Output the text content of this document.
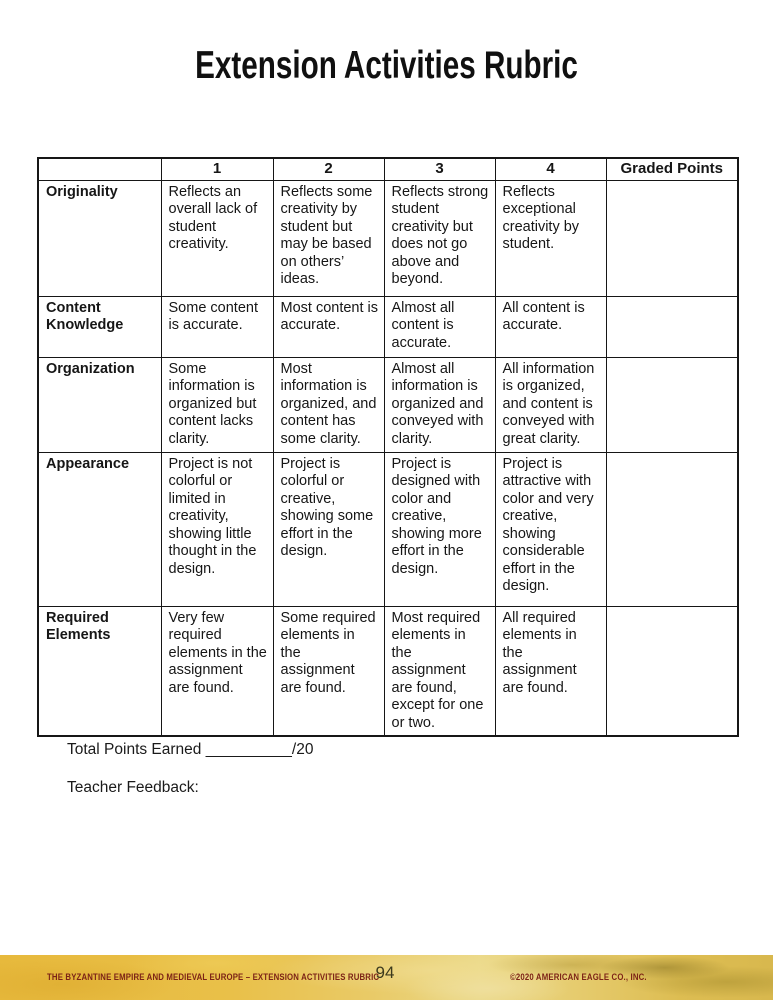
Extension Activities Rubric
	1	2	3	4	Graded Points
Originality	Reflects an overall lack of student creativity.	Reflects some creativity by student but may be based on others’ ideas.	Reflects strong student creativity but does not go above and beyond.	Reflects exceptional creativity by student.	
Content Knowledge	Some content is accurate.	Most content is accurate.	Almost all content is accurate.	All content is accurate.	
Organization	Some information is organized but content lacks clarity.	Most information is organized, and content has some clarity.	Almost all information is organized and conveyed with clarity.	All information is organized, and content is conveyed with great clarity.	
Appearance	Project is not colorful or limited in creativity, showing little thought in the design.	Project is colorful or creative, showing some effort in the design.	Project is designed with color and creative, showing more effort in the design.	Project is attractive with color and very creative, showing considerable effort in the design.	
Required Elements	Very few required elements in the assignment are found.	Some required elements in the assignment are found.	Most required elements in the assignment are found, except for one or two.	All required elements in the assignment are found.	
Total Points Earned __________/20
Teacher Feedback:
THE BYZANTINE EMPIRE AND MEDIEVAL EUROPE – EXTENSION ACTIVITIES RUBRIC
94	©2020 AMERICAN EAGLE CO., INC.
